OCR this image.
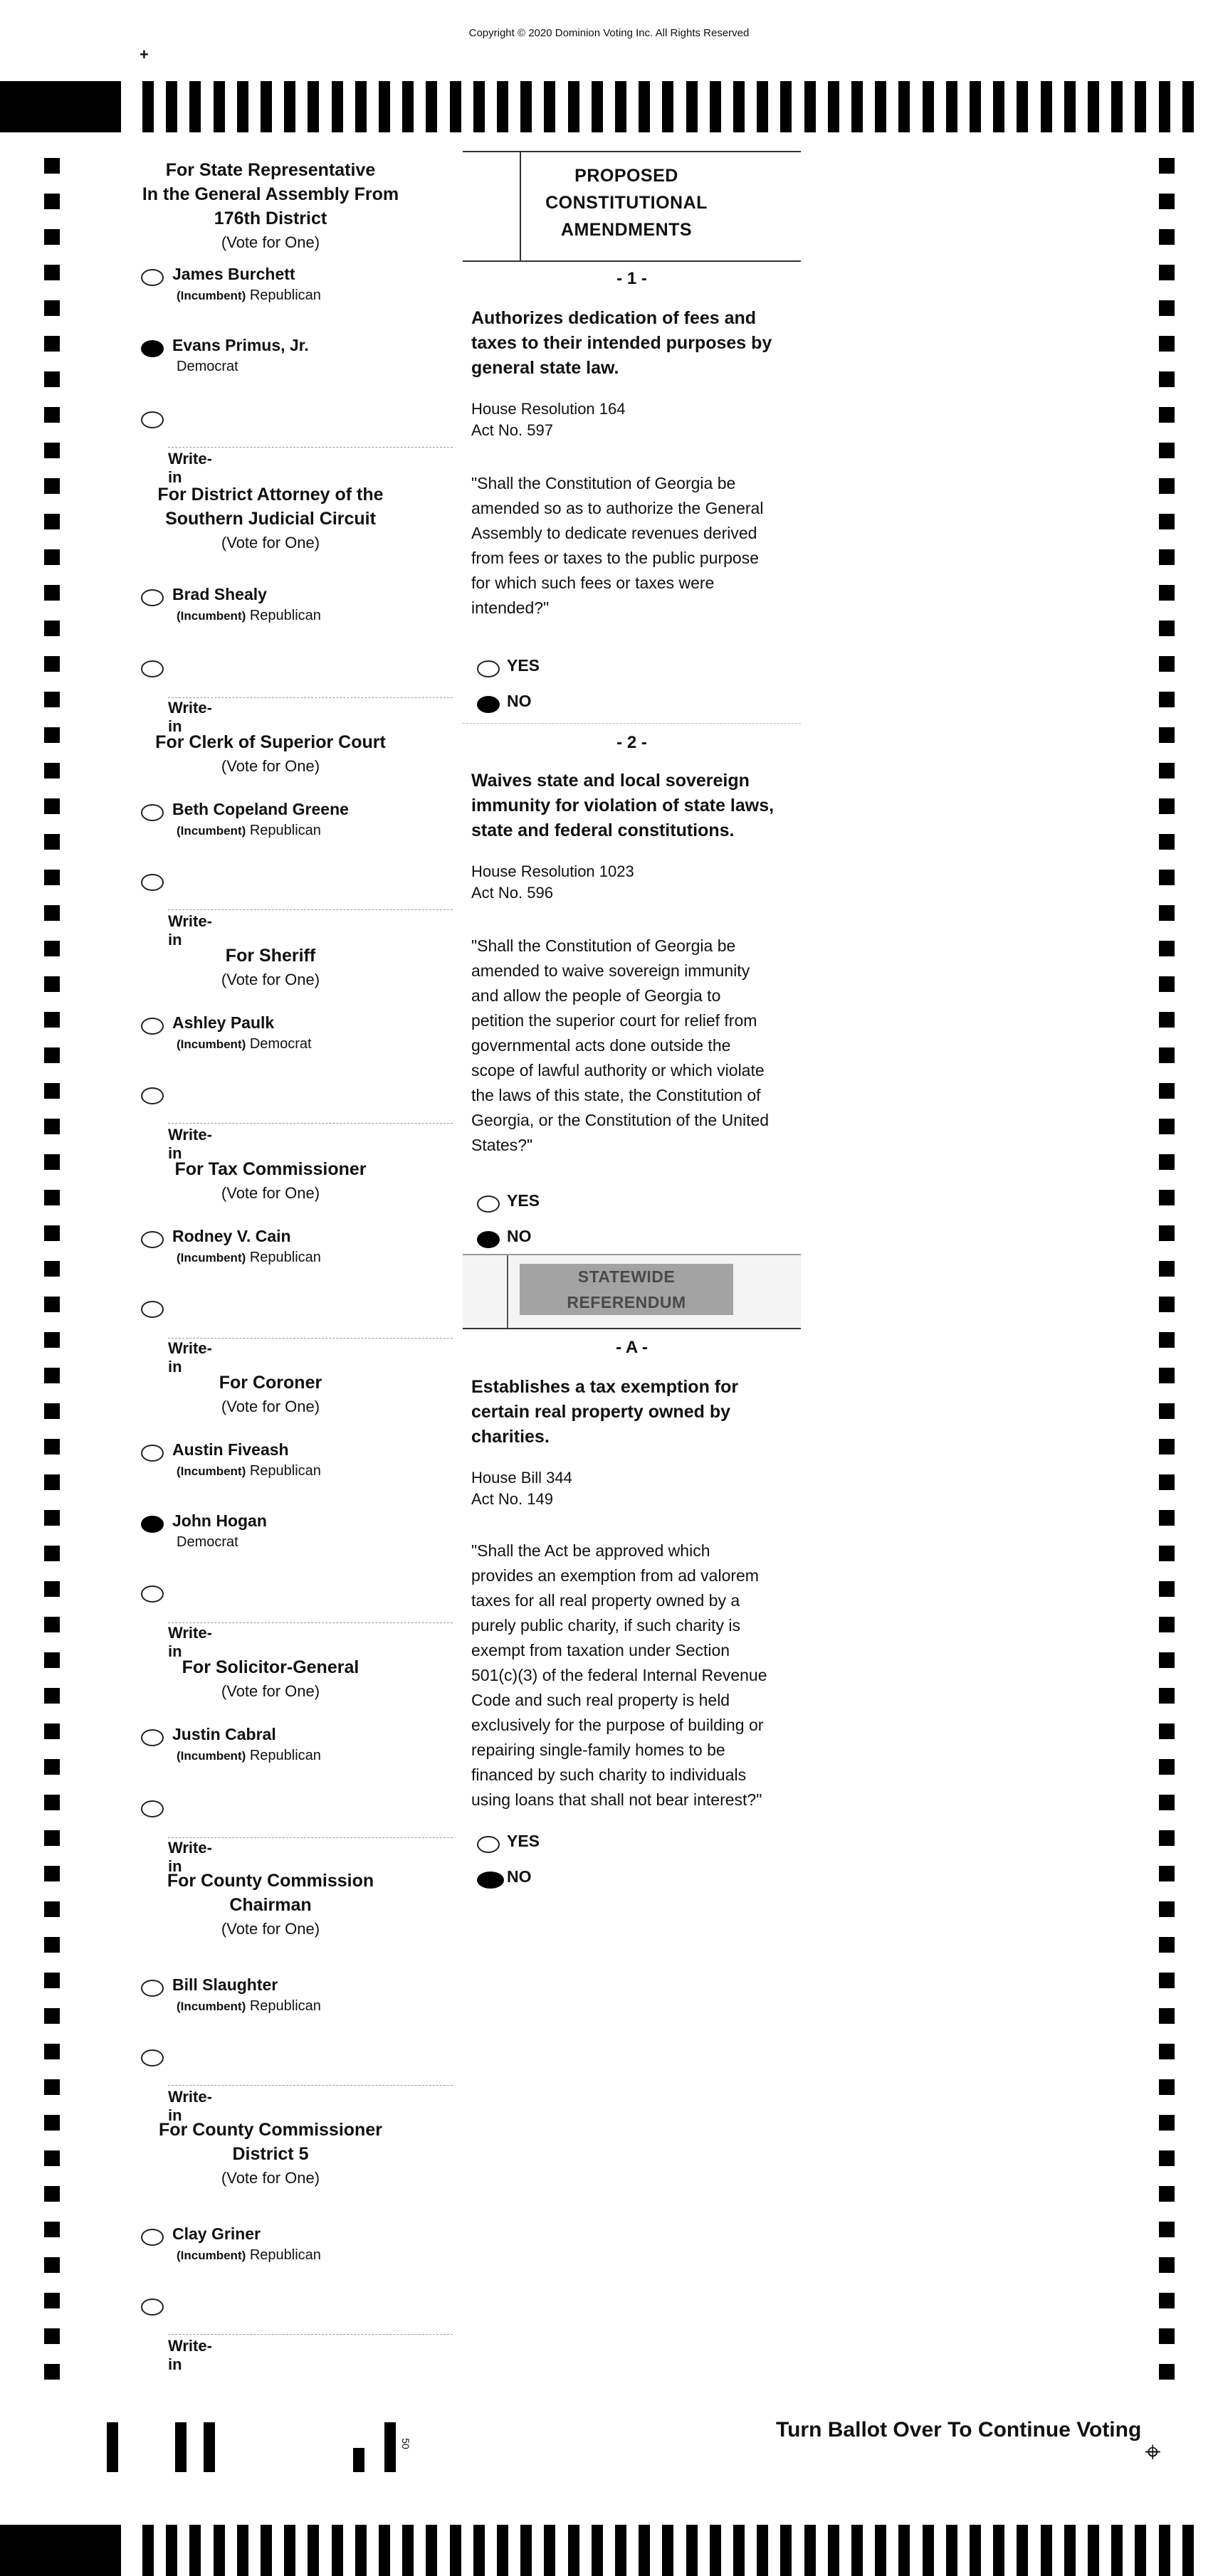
Copyright © 2020 Dominion Voting Inc. All Rights Reserved
+
For State Representative
In the General Assembly From
176th District
(Vote for One)
James Burchett
(Incumbent) Republican
Evans Primus, Jr.
Democrat
Write-in
For District Attorney of the
Southern Judicial Circuit
(Vote for One)
Brad Shealy
(Incumbent) Republican
Write-in
For Clerk of Superior Court
(Vote for One)
Beth Copeland Greene
(Incumbent) Republican
Write-in
For Sheriff
(Vote for One)
Ashley Paulk
(Incumbent) Democrat
Write-in
For Tax Commissioner
(Vote for One)
Rodney V. Cain
(Incumbent) Republican
Write-in
For Coroner
(Vote for One)
Austin Fiveash
(Incumbent) Republican
John Hogan
Democrat
Write-in
For Solicitor-General
(Vote for One)
Justin Cabral
(Incumbent) Republican
Write-in
For County Commission
Chairman
(Vote for One)
Bill Slaughter
(Incumbent) Republican
Write-in
For County Commissioner
District 5
(Vote for One)
Clay Griner
(Incumbent) Republican
Write-in
PROPOSED
CONSTITUTIONAL
AMENDMENTS
- 1 -
Authorizes dedication of fees and
taxes to their intended purposes by
general state law.
House Resolution 164
Act No. 597
"Shall the Constitution of Georgia be
amended so as to authorize the General
Assembly to dedicate revenues derived
from fees or taxes to the public purpose
for which such fees or taxes were
intended?"
YES
NO
- 2 -
Waives state and local sovereign
immunity for violation of state laws,
state and federal constitutions.
House Resolution 1023
Act No. 596
"Shall the Constitution of Georgia be
amended to waive sovereign immunity
and allow the people of Georgia to
petition the superior court for relief from
governmental acts done outside the
scope of lawful authority or which violate
the laws of this state, the Constitution of
Georgia, or the Constitution of the United
States?"
YES
NO
STATEWIDE
REFERENDUM
- A -
Establishes a tax exemption for
certain real property owned by
charities.
House Bill 344
Act No. 149
"Shall the Act be approved which
provides an exemption from ad valorem
taxes for all real property owned by a
purely public charity, if such charity is
exempt from taxation under Section
501(c)(3) of the federal Internal Revenue
Code and such real property is held
exclusively for the purpose of building or
repairing single-family homes to be
financed by such charity to individuals
using loans that shall not bear interest?"
YES
NO
Turn Ballot Over To Continue Voting
⌖
50
